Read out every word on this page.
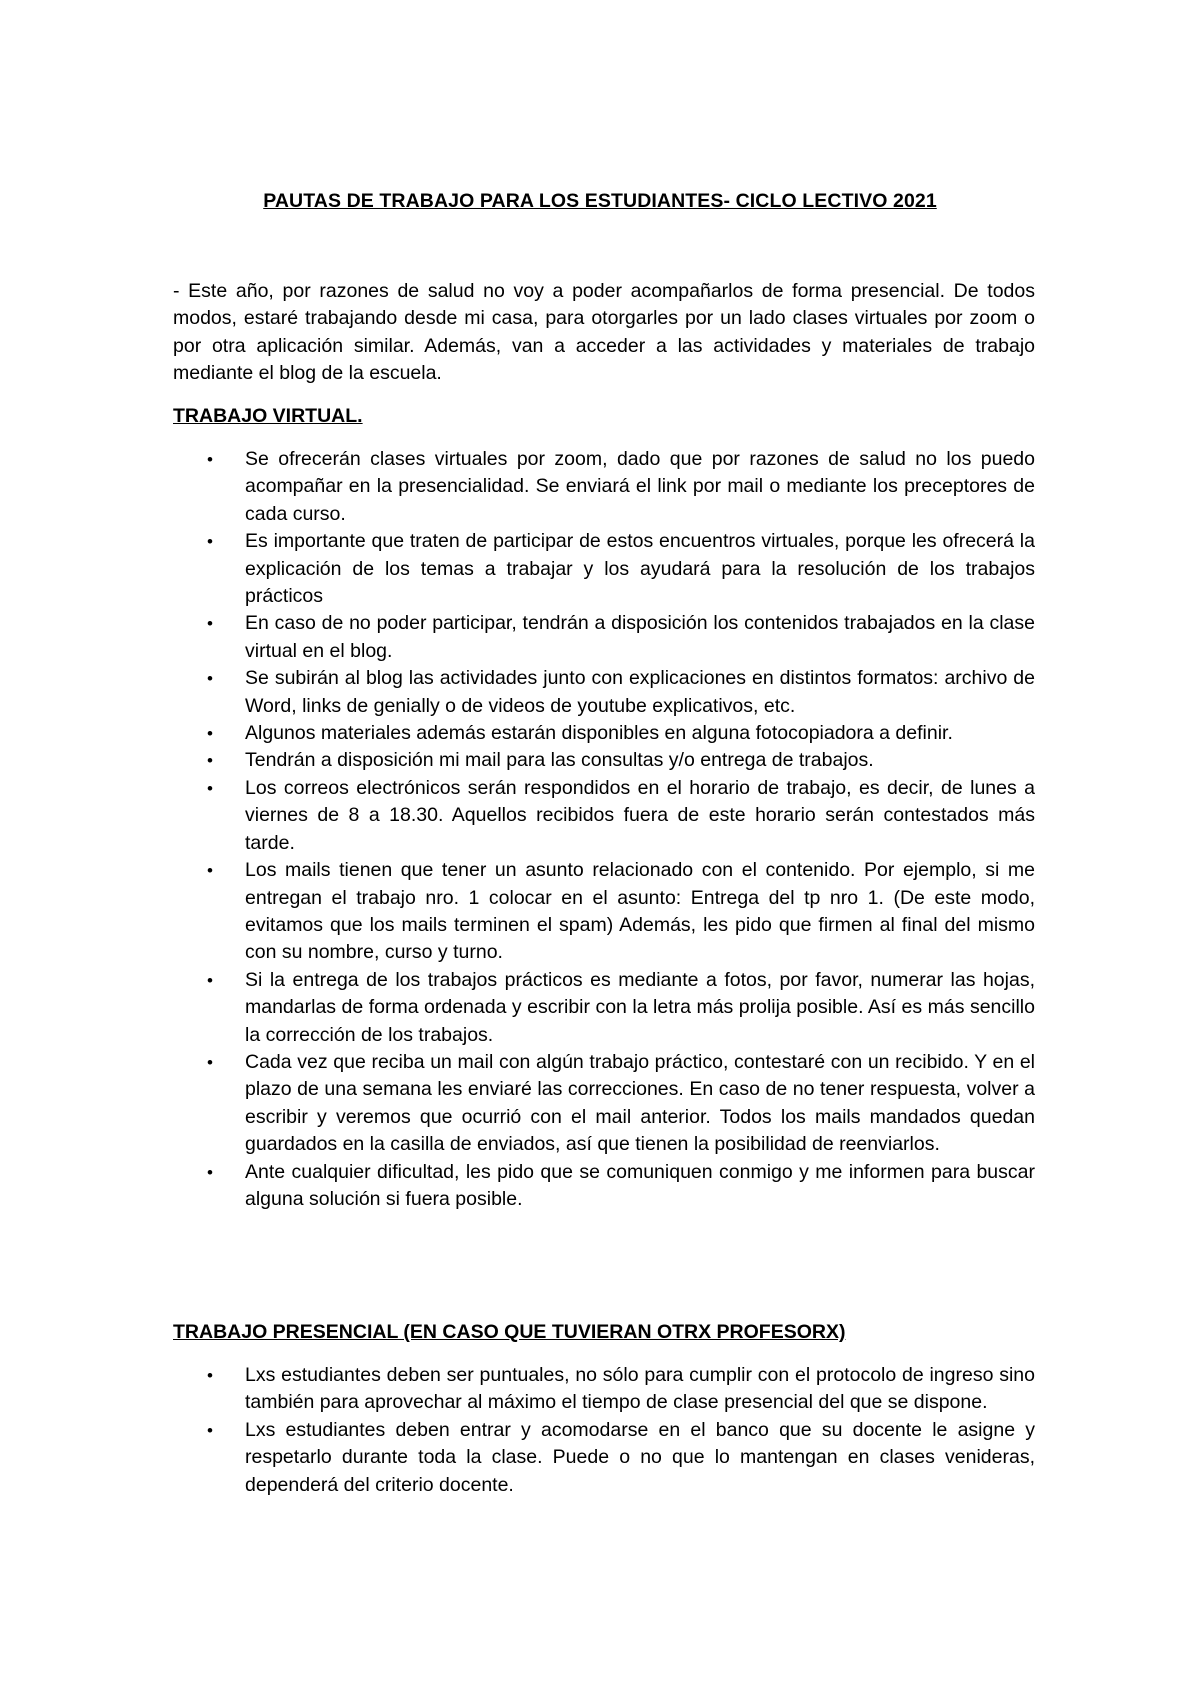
PAUTAS DE TRABAJO PARA LOS ESTUDIANTES- CICLO LECTIVO 2021

- Este año, por razones de salud no voy a poder acompañarlos de forma presencial. De todos modos, estaré trabajando desde mi casa, para otorgarles por un lado clases virtuales por zoom o por otra aplicación similar. Además, van a acceder a las actividades y materiales de trabajo mediante el blog de la escuela.

TRABAJO VIRTUAL.
• Se ofrecerán clases virtuales por zoom, dado que por razones de salud no los puedo acompañar en la presencialidad. Se enviará el link por mail o mediante los preceptores de cada curso.
• Es importante que traten de participar de estos encuentros virtuales, porque les ofrecerá la explicación de los temas a trabajar y los ayudará para la resolución de los trabajos prácticos
• En caso de no poder participar, tendrán a disposición los contenidos trabajados en la clase virtual en el blog.
• Se subirán al blog las actividades junto con explicaciones en distintos formatos: archivo de Word, links de genially o de videos de youtube explicativos, etc.
• Algunos materiales además estarán disponibles en alguna fotocopiadora a definir.
• Tendrán a disposición mi mail para las consultas y/o entrega de trabajos.
• Los correos electrónicos serán respondidos en el horario de trabajo, es decir, de lunes a viernes de 8 a 18.30. Aquellos recibidos fuera de este horario serán contestados más tarde.
• Los mails tienen que tener un asunto relacionado con el contenido. Por ejemplo, si me entregan el trabajo nro. 1 colocar en el asunto: Entrega del tp nro 1. (De este modo, evitamos que los mails terminen el spam) Además, les pido que firmen al final del mismo con su nombre, curso y turno.
• Si la entrega de los trabajos prácticos es mediante a fotos, por favor, numerar las hojas, mandarlas de forma ordenada y escribir con la letra más prolija posible. Así es más sencillo la corrección de los trabajos.
• Cada vez que reciba un mail con algún trabajo práctico, contestaré con un recibido. Y en el plazo de una semana les enviaré las correcciones. En caso de no tener respuesta, volver a escribir y veremos que ocurrió con el mail anterior. Todos los mails mandados quedan guardados en la casilla de enviados, así que tienen la posibilidad de reenviarlos.
• Ante cualquier dificultad, les pido que se comuniquen conmigo y me informen para buscar alguna solución si fuera posible.
TRABAJO PRESENCIAL (EN CASO QUE TUVIERAN OTRX PROFESORX)
• Lxs estudiantes deben ser puntuales, no sólo para cumplir con el protocolo de ingreso sino también para aprovechar al máximo el tiempo de clase presencial del que se dispone.
• Lxs estudiantes deben entrar y acomodarse en el banco que su docente le asigne y respetarlo durante toda la clase. Puede o no que lo mantengan en clases venideras, dependerá del criterio docente.
